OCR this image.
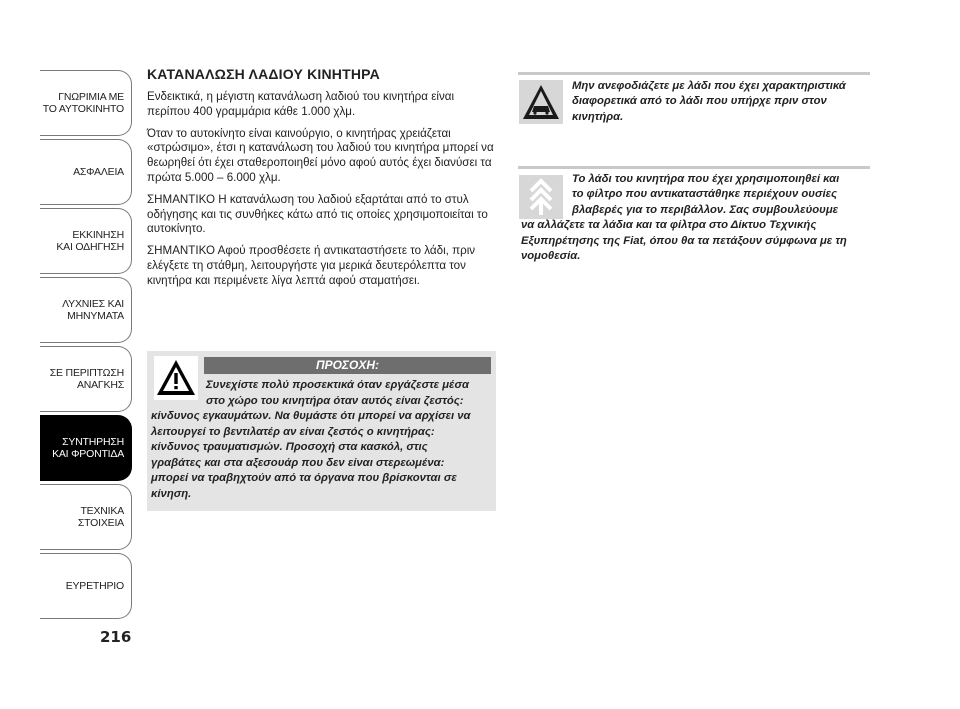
ΓΝΩΡΙΜΙΑ ΜΕ
ΤΟ ΑΥΤΟΚΙΝΗΤΟ
ΑΣΦΑΛΕΙΑ
ΕΚΚΙΝΗΣΗ
ΚΑΙ ΟΔΗΓΗΣΗ
ΛΥΧΝΙΕΣ ΚΑΙ
ΜΗΝΥΜΑΤΑ
ΣΕ ΠΕΡΙΠΤΩΣΗ
ΑΝΑΓΚΗΣ
ΣΥΝΤΗΡΗΣΗ
ΚΑΙ ΦΡΟΝΤΙΔΑ
ΤΕΧΝΙΚΑ
ΣΤΟΙΧΕΙΑ
ΕΥΡΕΤΗΡΙΟ
216
ΚΑΤΑΝΑΛΩΣΗ ΛΑΔΙΟΥ ΚΙΝΗΤΗΡΑ

Ενδεικτικά, η μέγιστη κατανάλωση λαδιού του κινητήρα είναι περίπου 400 γραμμάρια κάθε 1.000 χλμ.

Όταν το αυτοκίνητο είναι καινούργιο, ο κινητήρας χρειάζεται «στρώσιμο», έτσι η κατανάλωση του λαδιού του κινητήρα μπορεί να θεωρηθεί ότι έχει σταθεροποιηθεί μόνο αφού αυτός έχει διανύσει τα πρώτα 5.000 – 6.000 χλμ.

ΣΗΜΑΝΤΙΚΟ Η κατανάλωση του λαδιού εξαρτάται από το στυλ οδήγησης και τις συνθήκες κάτω από τις οποίες χρησιμοποιείται το αυτοκίνητο.

ΣΗΜΑΝΤΙΚΟ Αφού προσθέσετε ή αντικαταστήσετε το λάδι, πριν ελέγξετε τη στάθμη, λειτουργήστε για μερικά δευτερόλεπτα τον κινητήρα και περιμένετε λίγα λεπτά αφού σταματήσει.

ΠΡΟΣΟΧΗ:
Συνεχίστε πολύ προσεκτικά όταν εργάζεστε μέσα
στο χώρο του κινητήρα όταν αυτός είναι ζεστός:
κίνδυνος εγκαυμάτων. Να θυμάστε ότι μπορεί να αρχίσει να
λειτουργεί το βεντιλατέρ αν είναι ζεστός ο κινητήρας:
κίνδυνος τραυματισμών. Προσοχή στα κασκόλ, στις
γραβάτες και στα αξεσουάρ που δεν είναι στερεωμένα:
μπορεί να τραβηχτούν από τα όργανα που βρίσκονται σε
κίνηση.
Μην ανεφοδιάζετε με λάδι που έχει χαρακτηριστικά
διαφορετικά από το λάδι που υπήρχε πριν στον
κινητήρα.
Το λάδι του κινητήρα που έχει χρησιμοποιηθεί και
το φίλτρο που αντικαταστάθηκε περιέχουν ουσίες
βλαβερές για το περιβάλλον. Σας συμβουλεύουμε
να αλλάζετε τα λάδια και τα φίλτρα στο Δίκτυο Τεχνικής
Εξυπηρέτησης της Fiat, όπου θα τα πετάξουν σύμφωνα με τη
νομοθεσία.
